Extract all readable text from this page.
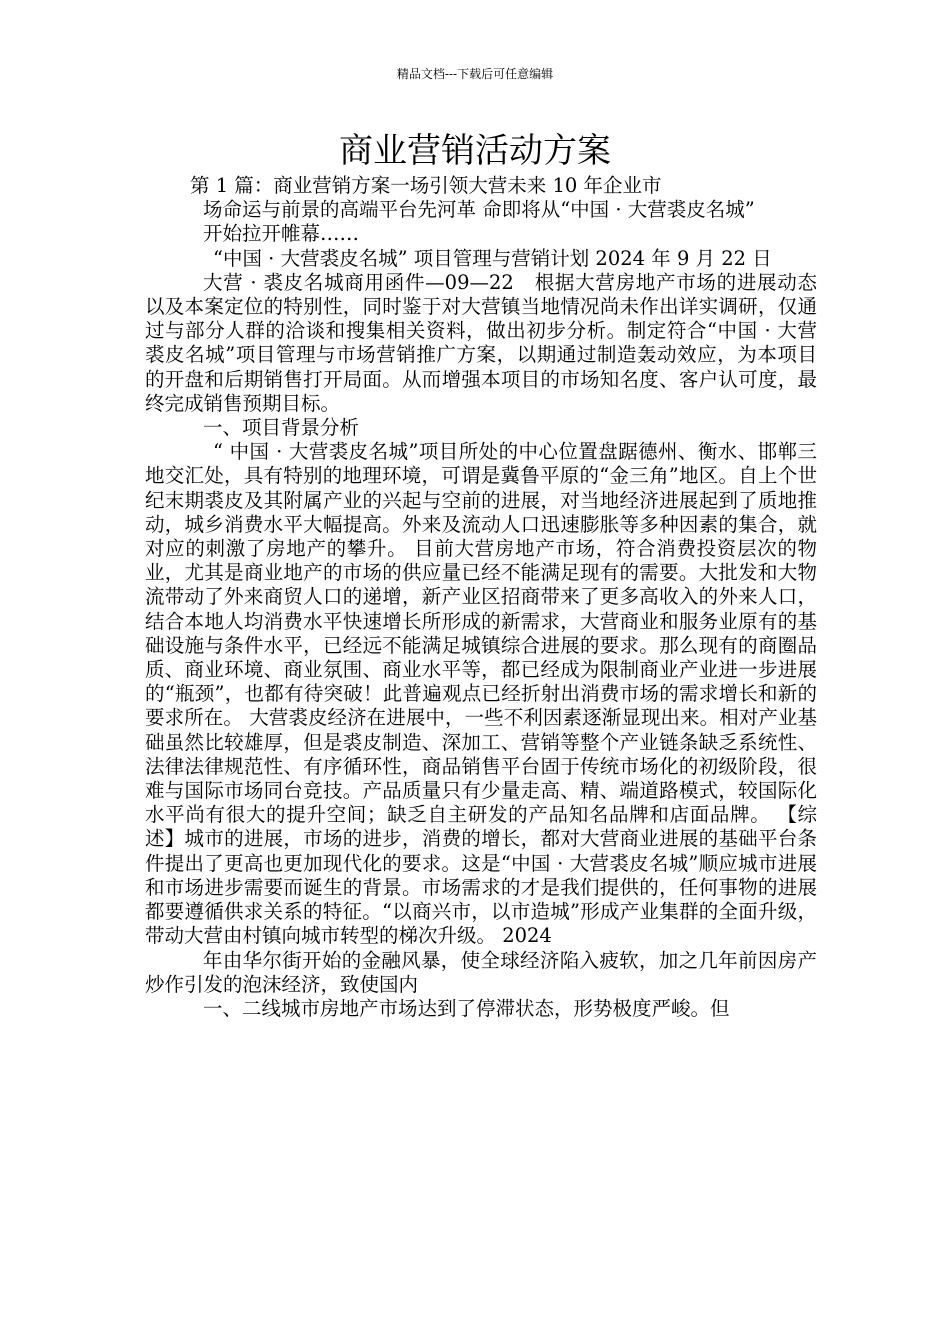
精品文档---下载后可任意编辑
商业营销活动方案

第 1 篇：商业营销方案一场引领大营未来 10 年企业市

场命运与前景的高端平台先河革 命即将从“中国 · 大营裘皮名城”

开始拉开帷幕……

“中国 · 大营裘皮名城” 项目管理与营销计划 2024 年 9 月 22 日

大营 · 裘皮名城商用函件—09—22　根据大营房地产市场的进展动态以及本案定位的特别性，同时鉴于对大营镇当地情况尚未作出详实调研，仅通过与部分人群的洽谈和搜集相关资料，做出初步分析。制定符合“中国 · 大营裘皮名城”项目管理与市场营销推广方案，以期通过制造轰动效应，为本项目的开盘和后期销售打开局面。从而增强本项目的市场知名度、客户认可度，最终完成销售预期目标。

一、项目背景分析

“ 中国 · 大营裘皮名城”项目所处的中心位置盘踞德州、衡水、邯郸三地交汇处，具有特别的地理环境，可谓是冀鲁平原的“金三角”地区。自上个世纪末期裘皮及其附属产业的兴起与空前的进展，对当地经济进展起到了质地推动，城乡消费水平大幅提高。外来及流动人口迅速膨胀等多种因素的集合，就对应的刺激了房地产的攀升。 目前大营房地产市场，符合消费投资层次的物业，尤其是商业地产的市场的供应量已经不能满足现有的需要。大批发和大物流带动了外来商贸人口的递增，新产业区招商带来了更多高收入的外来人口，结合本地人均消费水平快速增长所形成的新需求，大营商业和服务业原有的基础设施与条件水平，已经远不能满足城镇综合进展的要求。那么现有的商圈品质、商业环境、商业氛围、商业水平等，都已经成为限制商业产业进一步进展的“瓶颈”，也都有待突破！此普遍观点已经折射出消费市场的需求增长和新的要求所在。 大营裘皮经济在进展中，一些不利因素逐渐显现出来。相对产业基础虽然比较雄厚，但是裘皮制造、深加工、营销等整个产业链条缺乏系统性、法律法律规范性、有序循环性，商品销售平台固于传统市场化的初级阶段，很难与国际市场同台竞技。产品质量只有少量走高、精、端道路模式，较国际化水平尚有很大的提升空间；缺乏自主研发的产品知名品牌和店面品牌。 【综述】城市的进展，市场的进步，消费的增长，都对大营商业进展的基础平台条件提出了更高也更加现代化的要求。这是“中国 · 大营裘皮名城”顺应城市进展和市场进步需要而诞生的背景。市场需求的才是我们提供的，任何事物的进展都要遵循供求关系的特征。“以商兴市，以市造城”形成产业集群的全面升级，带动大营由村镇向城市转型的梯次升级。 2024

年由华尔街开始的金融风暴，使全球经济陷入疲软，加之几年前因房产炒作引发的泡沫经济，致使国内

一、二线城市房地产市场达到了停滞状态，形势极度严峻。但
